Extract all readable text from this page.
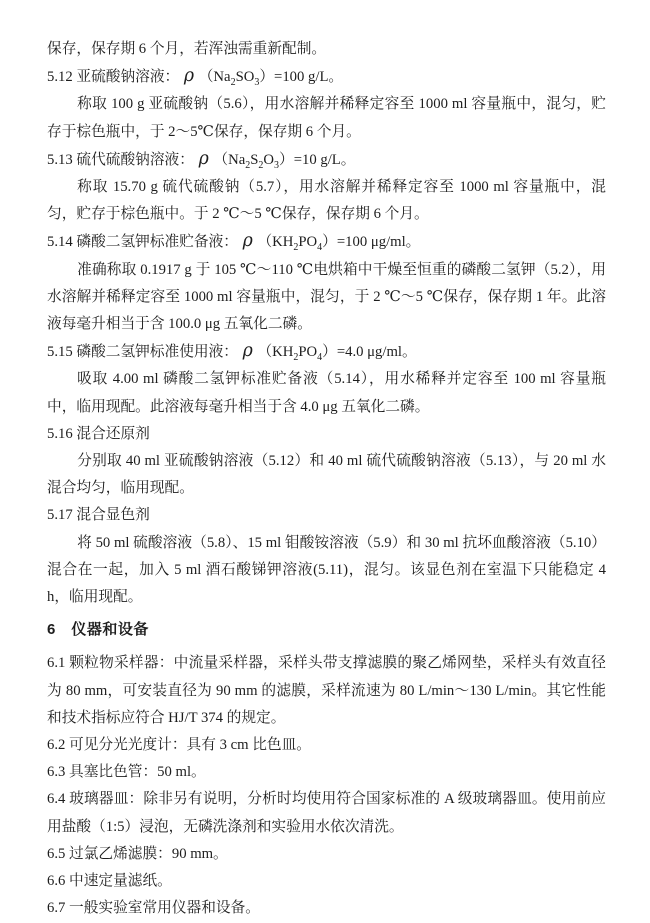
保存，保存期 6 个月，若浑浊需重新配制。

5.12 亚硫酸钠溶液： ρ $(Na_2SO_3)=100$ g/L。

称取 100 g 亚硫酸钠（5.6），用水溶解并稀释定容至 1000 ml 容量瓶中，混匀，贮存于棕色瓶中，于 2～5℃保存，保存期 6 个月。

5.13 硫代硫酸钠溶液： ρ $(Na_2S_2O_3)=10$ g/L。

称取 15.70 g 硫代硫酸钠（5.7），用水溶解并稀释定容至 1000 ml 容量瓶中，混匀，贮存于棕色瓶中。于 2 ℃～5 ℃保存，保存期 6 个月。

5.14 磷酸二氢钾标准贮备液： ρ $(KH_2PO_4)=100$ μg/ml。

准确称取 0.1917 g 于 105 ℃～110 ℃电烘箱中干燥至恒重的磷酸二氢钾（5.2），用水溶解并稀释定容至 1000 ml 容量瓶中，混匀，于 2 ℃～5 ℃保存，保存期 1 年。此溶液每毫升相当于含 100.0 μg 五氧化二磷。

5.15 磷酸二氢钾标准使用液： ρ $(KH_2PO_4)=4.0$ μg/ml。

吸取 4.00 ml 磷酸二氢钾标准贮备液（5.14），用水稀释并定容至 100 ml 容量瓶中，临用现配。此溶液每毫升相当于含 4.0 μg 五氧化二磷。

5.16 混合还原剂

分别取 40 ml 亚硫酸钠溶液（5.12）和 40 ml 硫代硫酸钠溶液（5.13），与 20 ml 水混合均匀，临用现配。

5.17 混合显色剂

将 50 ml 硫酸溶液（5.8）、15 ml 钼酸铵溶液（5.9）和 30 ml 抗坏血酸溶液（5.10）混合在一起，加入 5 ml 酒石酸锑钾溶液(5.11)，混匀。该显色剂在室温下只能稳定 4 h，临用现配。

6　仪器和设备

6.1 颗粒物采样器：中流量采样器，采样头带支撑滤膜的聚乙烯网垫，采样头有效直径为 80 mm，可安装直径为 90 mm 的滤膜，采样流速为 80 L/min～130 L/min。其它性能和技术指标应符合 HJ/T 374 的规定。

6.2 可见分光光度计：具有 3 cm 比色皿。

6.3 具塞比色管：50 ml。

6.4 玻璃器皿：除非另有说明，分析时均使用符合国家标准的 A 级玻璃器皿。使用前应用盐酸（1:5）浸泡，无磷洗涤剂和实验用水依次清洗。

6.5 过氯乙烯滤膜：90 mm。

6.6 中速定量滤纸。

6.7 一般实验室常用仪器和设备。
